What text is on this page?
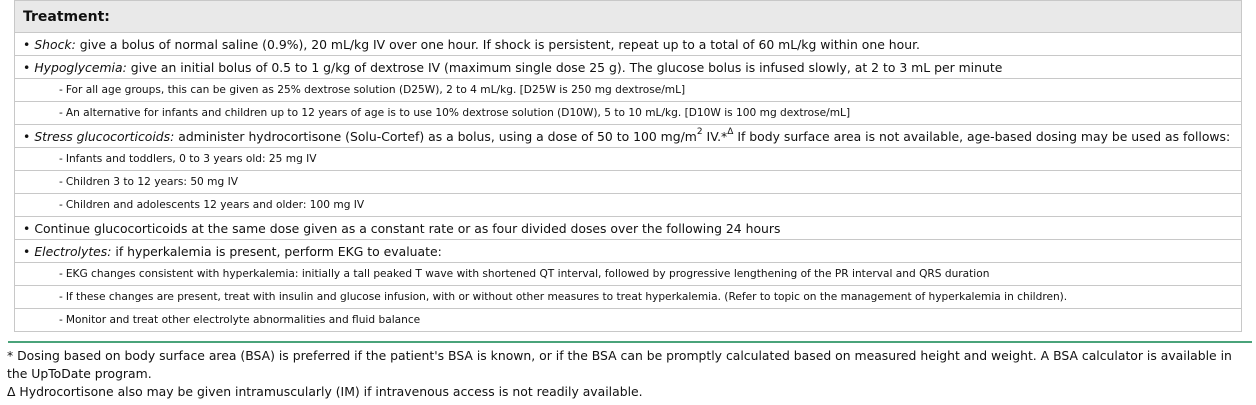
Treatment:
• Shock: give a bolus of normal saline (0.9%), 20 mL/kg IV over one hour. If shock is persistent, repeat up to a total of 60 mL/kg within one hour.
• Hypoglycemia: give an initial bolus of 0.5 to 1 g/kg of dextrose IV (maximum single dose 25 g). The glucose bolus is infused slowly, at 2 to 3 mL per minute
- For all age groups, this can be given as 25% dextrose solution (D25W), 2 to 4 mL/kg. [D25W is 250 mg dextrose/mL]
- An alternative for infants and children up to 12 years of age is to use 10% dextrose solution (D10W), 5 to 10 mL/kg. [D10W is 100 mg dextrose/mL]
• Stress glucocorticoids: administer hydrocortisone (Solu-Cortef) as a bolus, using a dose of 50 to 100 $mg/m^2$ IV.*$^\Delta$ If body surface area is not available, age-based dosing may be used as follows:
- Infants and toddlers, 0 to 3 years old: 25 mg IV
- Children 3 to 12 years: 50 mg IV
- Children and adolescents 12 years and older: 100 mg IV
• Continue glucocorticoids at the same dose given as a constant rate or as four divided doses over the following 24 hours
• Electrolytes: if hyperkalemia is present, perform EKG to evaluate:
- EKG changes consistent with hyperkalemia: initially a tall peaked T wave with shortened QT interval, followed by progressive lengthening of the PR interval and QRS duration
- If these changes are present, treat with insulin and glucose infusion, with or without other measures to treat hyperkalemia. (Refer to topic on the management of hyperkalemia in children).
- Monitor and treat other electrolyte abnormalities and fluid balance

* Dosing based on body surface area (BSA) is preferred if the patient's BSA is known, or if the BSA can be promptly calculated based on measured height and weight. A BSA calculator is available in the UpToDate program.

Δ Hydrocortisone also may be given intramuscularly (IM) if intravenous access is not readily available.
